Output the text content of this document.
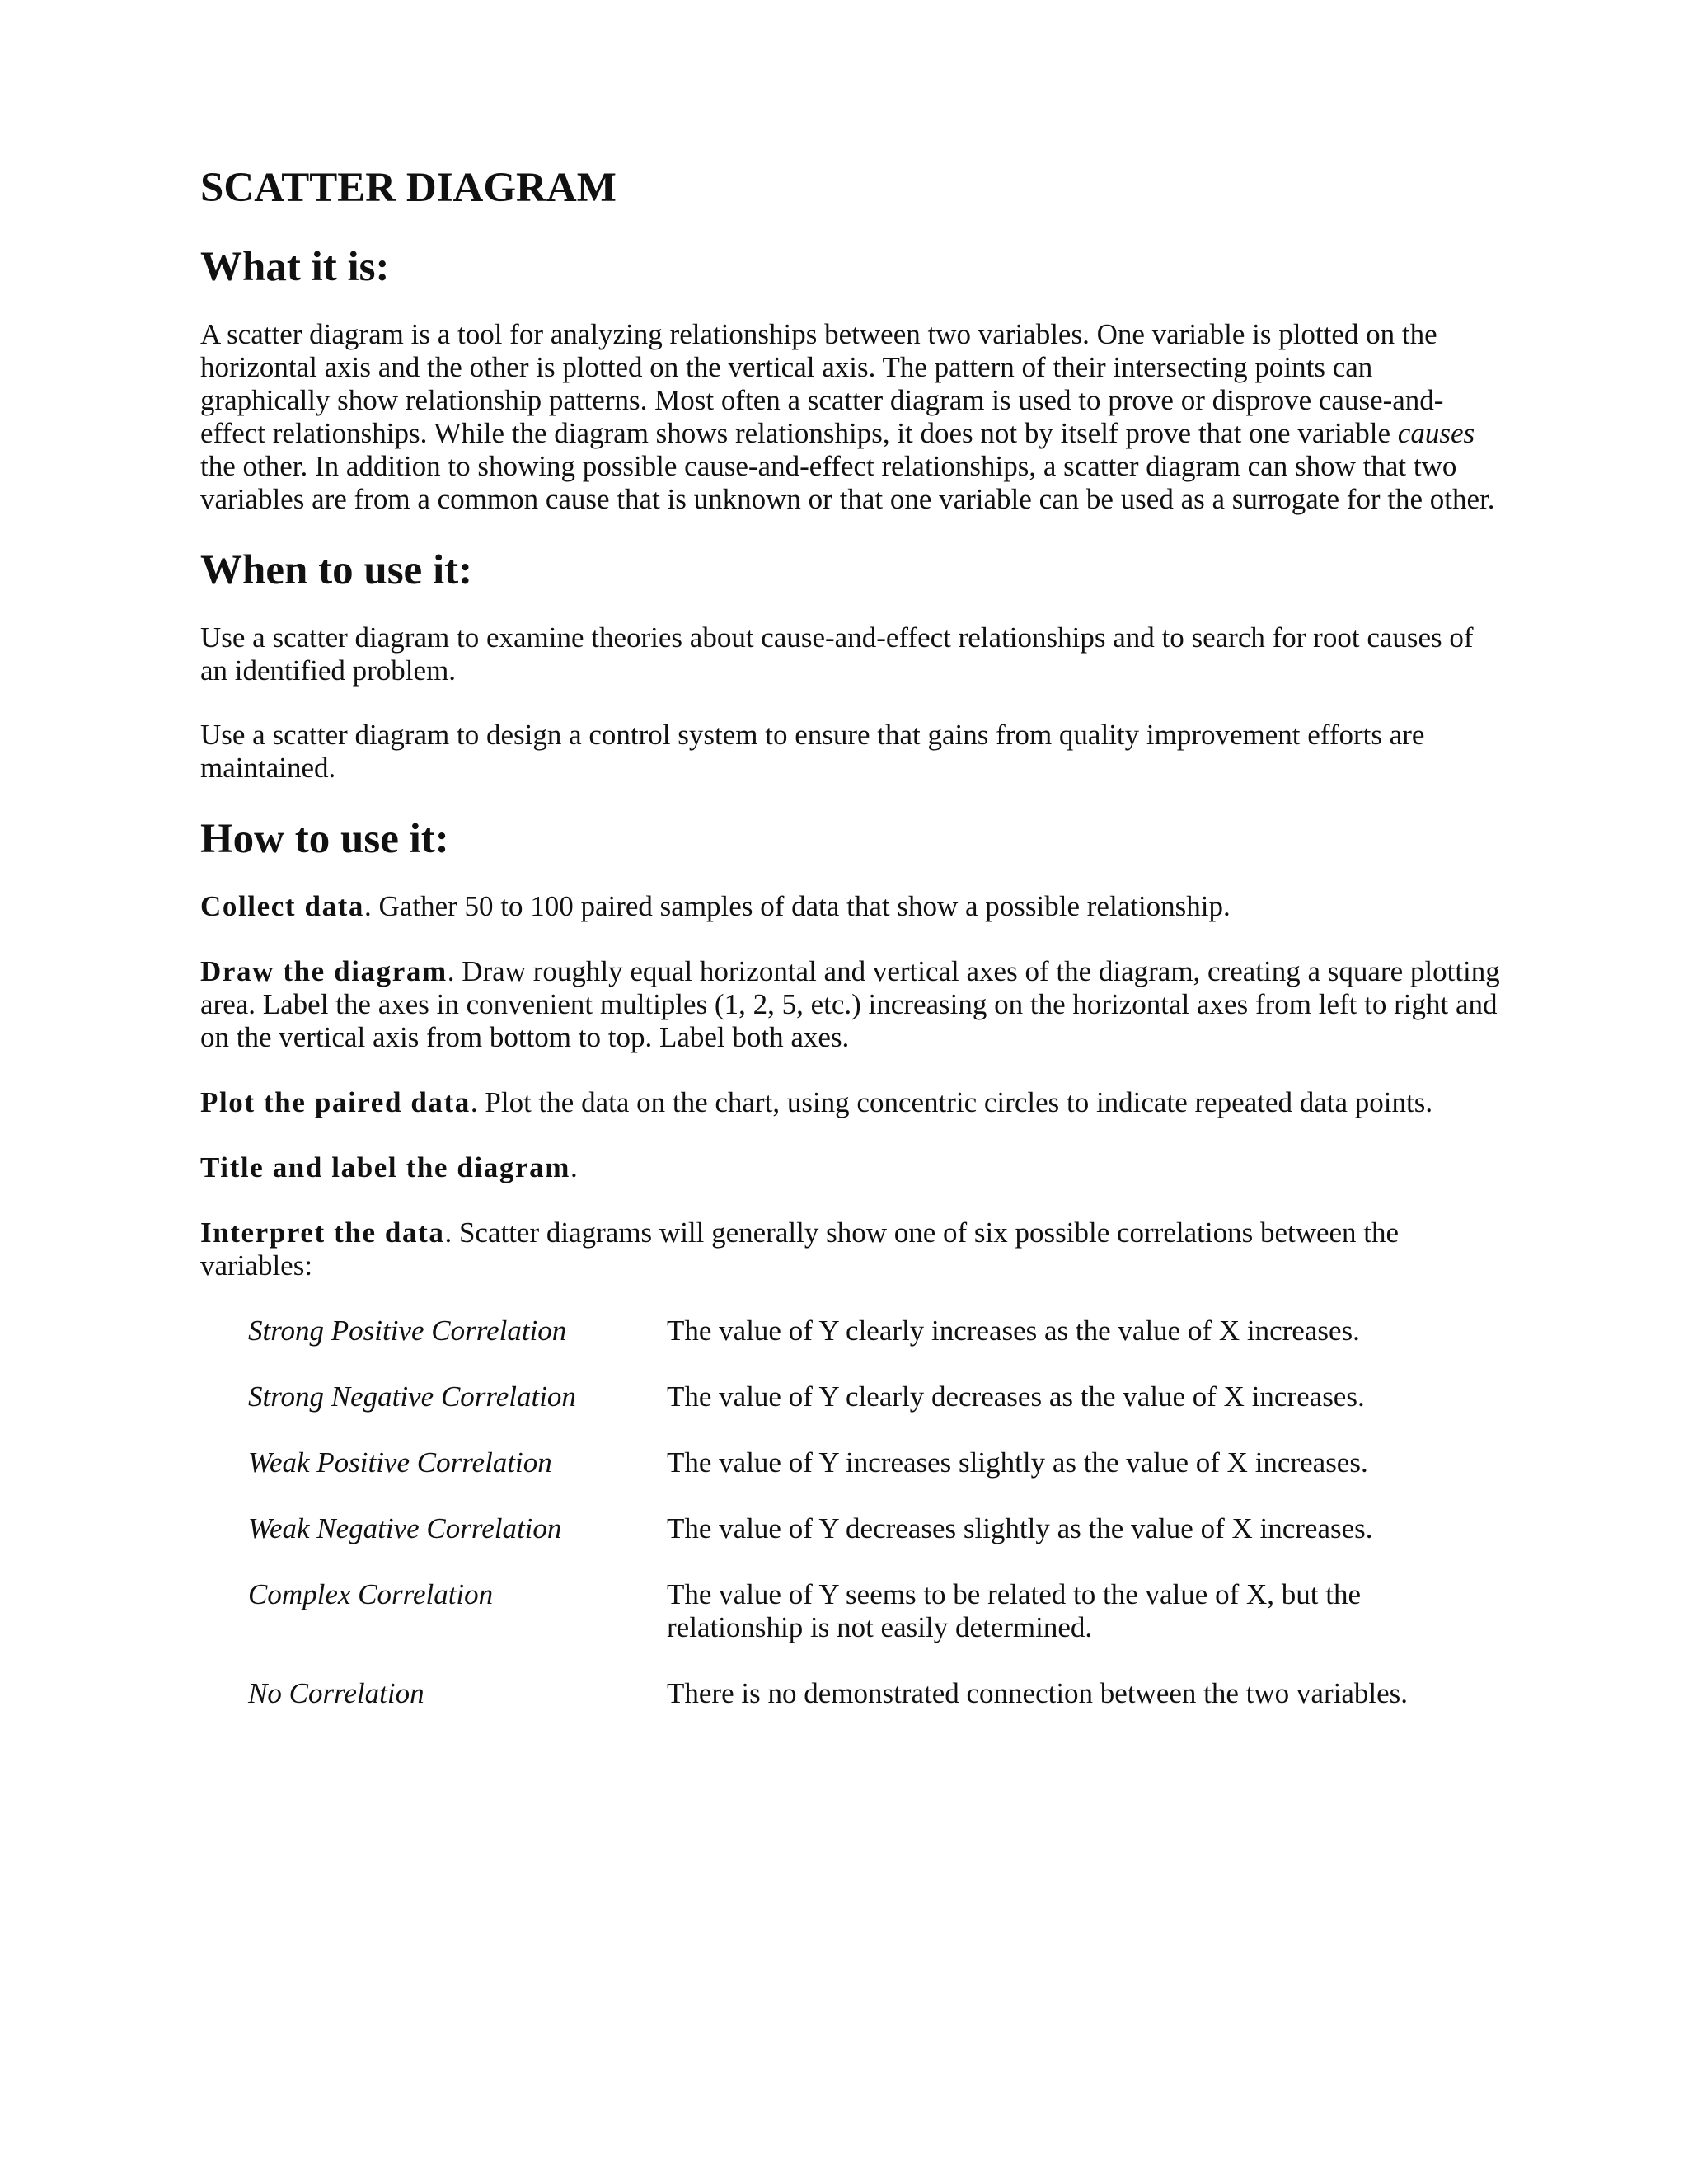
SCATTER DIAGRAM
What it is:

A scatter diagram is a tool for analyzing relationships between two variables. One variable is plotted on the horizontal axis and the other is plotted on the vertical axis. The pattern of their intersecting points can graphically show relationship patterns. Most often a scatter diagram is used to prove or disprove cause-and-effect relationships. While the diagram shows relationships, it does not by itself prove that one variable causes the other. In addition to showing possible cause-and-effect relationships, a scatter diagram can show that two variables are from a common cause that is unknown or that one variable can be used as a surrogate for the other.

When to use it:

Use a scatter diagram to examine theories about cause-and-effect relationships and to search for root causes of an identified problem.

Use a scatter diagram to design a control system to ensure that gains from quality improvement efforts are maintained.

How to use it:

Collect data. Gather 50 to 100 paired samples of data that show a possible relationship.

Draw the diagram. Draw roughly equal horizontal and vertical axes of the diagram, creating a square plotting area. Label the axes in convenient multiples (1, 2, 5, etc.) increasing on the horizontal axes from left to right and on the vertical axis from bottom to top. Label both axes.

Plot the paired data. Plot the data on the chart, using concentric circles to indicate repeated data points.

Title and label the diagram.

Interpret the data. Scatter diagrams will generally show one of six possible correlations between the variables:

Strong Positive Correlation	The value of Y clearly increases as the value of X increases.
Strong Negative Correlation	The value of Y clearly decreases as the value of X increases.
Weak Positive Correlation	The value of Y increases slightly as the value of X increases.
Weak Negative Correlation	The value of Y decreases slightly as the value of X increases.
Complex Correlation	The value of Y seems to be related to the value of X, but the relationship is not easily determined.
No Correlation	There is no demonstrated connection between the two variables.
